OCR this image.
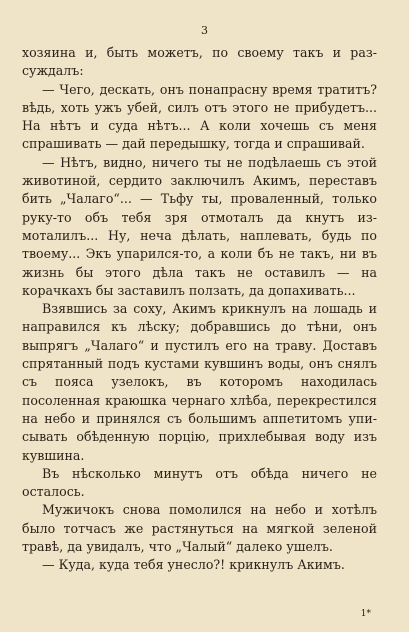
3

хозяина и, быть можетъ, по своему такъ и разсуждалъ:

— Чего, дескать, онъ понапрасну время тратитъ? вѣдь, хоть ужъ убей, силъ отъ этого не прибудетъ... На нѣтъ и суда нѣтъ... А коли хочешь съ меня спрашивать — дай передышку, тогда и спрашивай.

— Нѣтъ, видно, ничего ты не подѣлаешь съ этой животиной, сердито заключилъ Акимъ, переставъ бить „Чалаго“... — Тьфу ты, проваленный, только руку-то объ тебя зря отмоталъ да кнутъ измоталилъ... Ну, неча дѣлать, наплевать, будь по твоему... Экъ упарился-то, а коли бъ не такъ, ни въ жизнь бы этого дѣла такъ не оставилъ — на корачкахъ бы заставилъ ползать, да допахивать...

Взявшись за соху, Акимъ крикнулъ на лошадь и направился къ лѣску; добравшись до тѣни, онъ выпрягъ „Чалаго“ и пустилъ его на траву. Доставъ спрятанный подъ кустами кувшинъ воды, онъ снялъ съ пояса узелокъ, въ которомъ находилась посоленная краюшка чернаго хлѣба, перекрестился на небо и принялся съ большимъ аппетитомъ уписывать обѣденную порцію, прихлебывая воду изъ кувшина.

Въ нѣсколько минутъ отъ обѣда ничего не осталось.

Мужичокъ снова помолился на небо и хотѣлъ было тотчасъ же растянуться на мягкой зеленой травѣ, да увидалъ, что „Чалый“ далеко ушелъ.

— Куда, куда тебя унесло?! крикнулъ Акимъ.

1*
